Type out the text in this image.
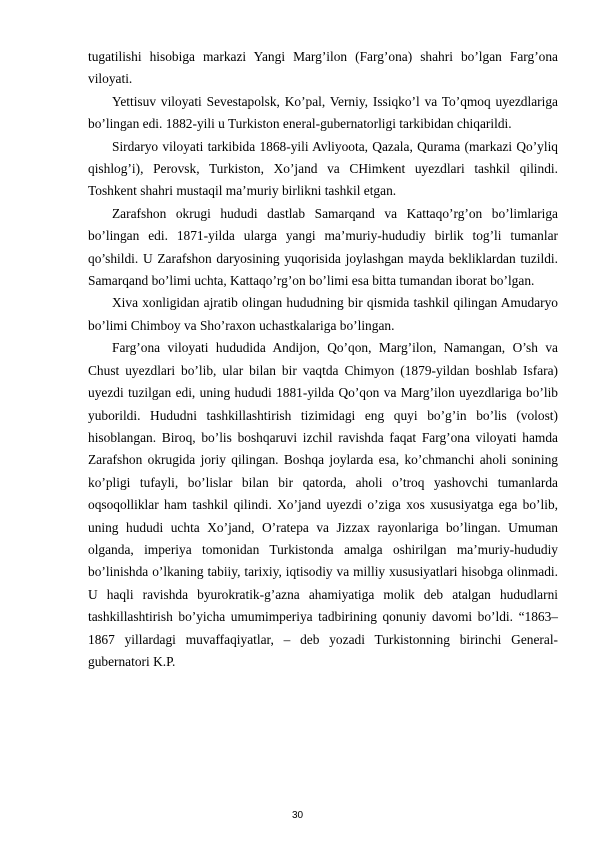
tugatilishi hisobiga markazi Yangi Marg’ilon (Farg’ona) shahri bo’lgan Farg’ona viloyati.

Yettisuv viloyati Sevestapolsk, Ko’pal, Verniy, Issiqko’l va To’qmoq uyezdlariga bo’lingan edi. 1882-yili u Turkiston eneral-gubernatorligi tarkibidan chiqarildi.

Sirdaryo viloyati tarkibida 1868-yili Avliyoota, Qazala, Qurama (markazi Qo’yliq qishlog’i), Perovsk, Turkiston, Xo’jand va CHimkent uyezdlari tashkil qilindi. Toshkent shahri mustaqil ma’muriy birlikni tashkil etgan.

Zarafshon okrugi hududi dastlab Samarqand va Kattaqo’rg’on bo’limlariga bo’lingan edi. 1871-yilda ularga yangi ma’muriy-hududiy birlik tog’li tumanlar qo’shildi. U Zarafshon daryosining yuqorisida joylashgan mayda bekliklardan tuzildi. Samarqand bo’limi uchta, Kattaqo’rg’on bo’limi esa bitta tumandan iborat bo’lgan.

Xiva xonligidan ajratib olingan hududning bir qismida tashkil qilingan Amudaryo bo’limi Chimboy va Sho’raxon uchastkalariga bo’lingan.

Farg’ona viloyati hududida Andijon, Qo’qon, Marg’ilon, Namangan, O’sh va Chust uyezdlari bo’lib, ular bilan bir vaqtda Chimyon (1879-yildan boshlab Isfara) uyezdi tuzilgan edi, uning hududi 1881-yilda Qo’qon va Marg’ilon uyezdlariga bo’lib yuborildi. Hududni tashkillashtirish tizimidagi eng quyi bo’g’in bo’lis (volost) hisoblangan. Biroq, bo’lis boshqaruvi izchil ravishda faqat Farg’ona viloyati hamda Zarafshon okrugida joriy qilingan. Boshqa joylarda esa, ko’chmanchi aholi sonining ko’pligi tufayli, bo’lislar bilan bir qatorda, aholi o’troq yashovchi tumanlarda oqsoqolliklar ham tashkil qilindi. Xo’jand uyezdi o’ziga xos xususiyatga ega bo’lib, uning hududi uchta Xo’jand, O’ratepa va Jizzax rayonlariga bo’lingan. Umuman olganda, imperiya tomonidan Turkistonda amalga oshirilgan ma’muriy-hududiy bo’linishda o’lkaning tabiiy, tarixiy, iqtisodiy va milliy xususiyatlari hisobga olinmadi. U haqli ravishda byurokratik-g’azna ahamiyatiga molik deb atalgan hududlarni tashkillashtirish bo’yicha umumimperiya tadbirining qonuniy davomi bo’ldi. “1863–1867 yillardagi muvaffaqiyatlar, – deb yozadi Turkistonning birinchi General-gubernatori K.P.

30
